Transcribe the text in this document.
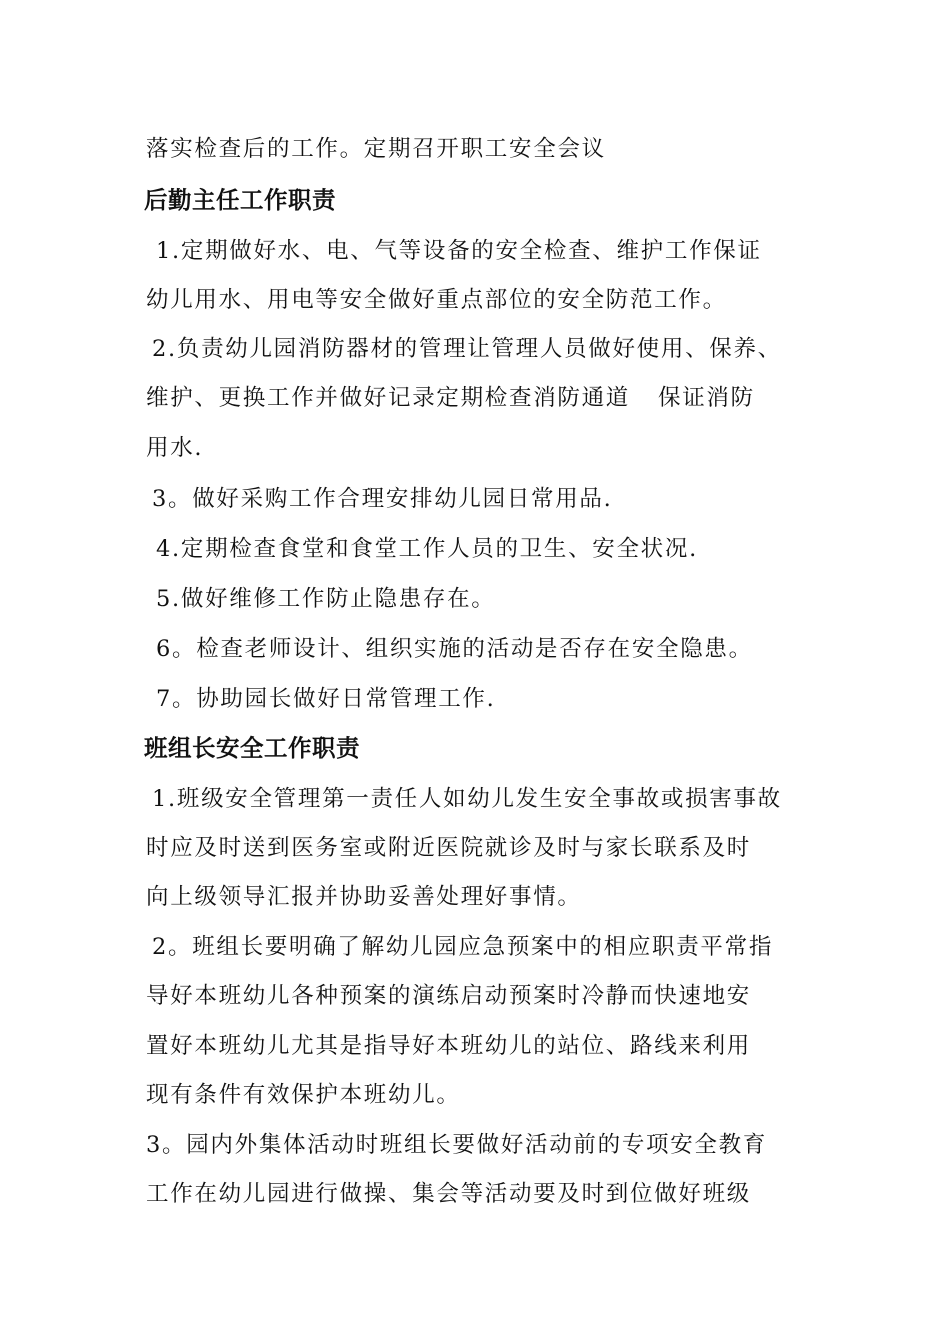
落实检查后的工作。定期召开职工安全会议
后勤主任工作职责
1.定期做好水、电、气等设备的安全检查、维护工作保证
幼儿用水、用电等安全做好重点部位的安全防范工作。
2.负责幼儿园消防器材的管理让管理人员做好使用、保养、
维护、更换工作并做好记录定期检查消防通道 保证消防
用水.
3。做好采购工作合理安排幼儿园日常用品.
4.定期检查食堂和食堂工作人员的卫生、安全状况.
5.做好维修工作防止隐患存在。
6。检查老师设计、组织实施的活动是否存在安全隐患。
7。协助园长做好日常管理工作.
班组长安全工作职责
1.班级安全管理第一责任人如幼儿发生安全事故或损害事故
时应及时送到医务室或附近医院就诊及时与家长联系及时
向上级领导汇报并协助妥善处理好事情。
2。班组长要明确了解幼儿园应急预案中的相应职责平常指
导好本班幼儿各种预案的演练启动预案时冷静而快速地安
置好本班幼儿尤其是指导好本班幼儿的站位、路线来利用
现有条件有效保护本班幼儿。
3。园内外集体活动时班组长要做好活动前的专项安全教育
工作在幼儿园进行做操、集会等活动要及时到位做好班级
